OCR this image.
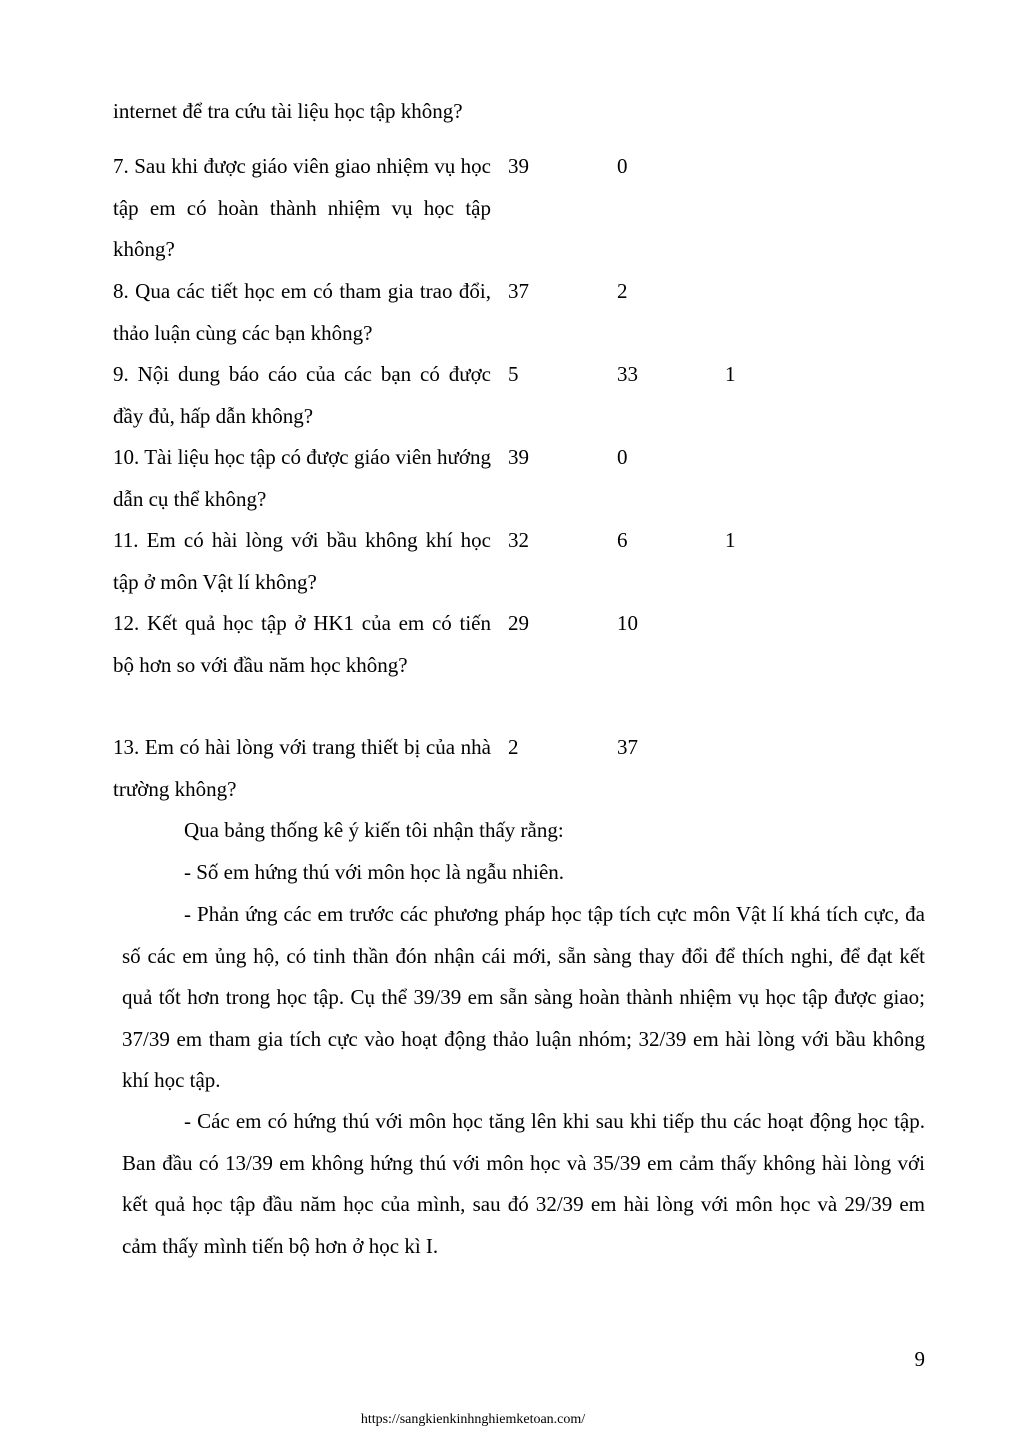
internet để tra cứu tài liệu học tập không?
7. Sau khi được giáo viên giao nhiệm vụ học tập em có hoàn thành nhiệm vụ học tập không?
39	0
8. Qua các tiết học em có tham gia trao đổi, thảo luận cùng các bạn không?
37	2
9. Nội dung báo cáo của các bạn có được đầy đủ, hấp dẫn không?
5	33	1
10. Tài liệu học tập có được giáo viên hướng dẫn cụ thể không?
39	0
11. Em có hài lòng với bầu không khí học tập ở môn Vật lí không?
32	6	1
12. Kết quả học tập ở HK1 của em có tiến bộ hơn so với đầu năm học không?
29	10
13. Em có hài lòng với trang thiết bị của nhà trường không?
2	37

Qua bảng thống kê ý kiến tôi nhận thấy rằng:

- Số em hứng thú với môn học là ngẫu nhiên.

- Phản ứng các em trước các phương pháp học tập tích cực môn Vật lí khá tích cực, đa số các em ủng hộ, có tinh thần đón nhận cái mới, sẵn sàng thay đổi để thích nghi, để đạt kết quả tốt hơn trong học tập. Cụ thể 39/39 em sẵn sàng hoàn thành nhiệm vụ học tập được giao; 37/39 em tham gia tích cực vào hoạt động thảo luận nhóm; 32/39 em hài lòng với bầu không khí học tập.

- Các em có hứng thú với môn học tăng lên khi sau khi tiếp thu các hoạt động học tập. Ban đầu có 13/39 em không hứng thú với môn học và 35/39 em cảm thấy không hài lòng với kết quả học tập đầu năm học của mình, sau đó 32/39 em hài lòng với môn học và 29/39 em cảm thấy mình tiến bộ hơn ở học kì I.

9
https://sangkienkinhnghiemketoan.com/
